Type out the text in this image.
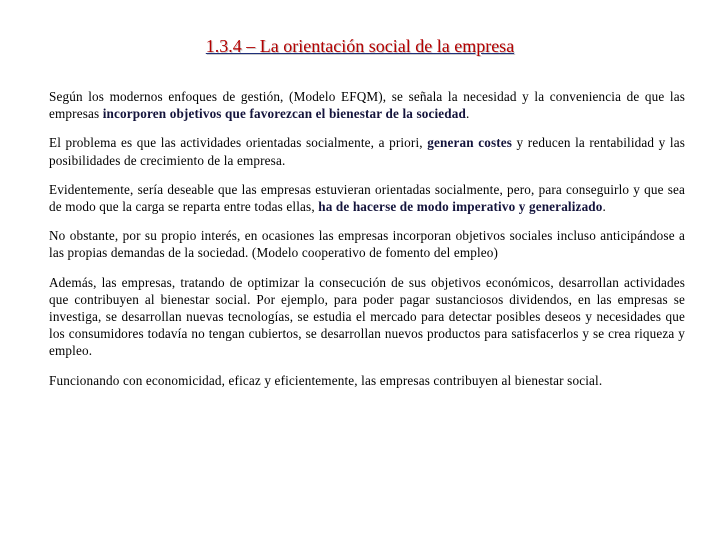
1.3.4 – La orientación social de la empresa

Según los modernos enfoques de gestión, (Modelo EFQM), se señala la necesidad y la conveniencia de que las empresas incorporen objetivos que favorezcan el bienestar de la sociedad.

El problema es que las actividades orientadas socialmente, a priori, generan costes y reducen la rentabilidad y las posibilidades de crecimiento de la empresa.

Evidentemente, sería deseable que las empresas estuvieran orientadas socialmente, pero, para conseguirlo y que sea de modo que la carga se reparta entre todas ellas, ha de hacerse de modo imperativo y generalizado.

No obstante, por su propio interés, en ocasiones las empresas incorporan objetivos sociales incluso anticipándose a las propias demandas de la sociedad. (Modelo cooperativo de fomento del empleo)

Además, las empresas, tratando de optimizar la consecución de sus objetivos económicos, desarrollan actividades que contribuyen al bienestar social. Por ejemplo, para poder pagar sustanciosos dividendos, en las empresas se investiga, se desarrollan nuevas tecnologías, se estudia el mercado para detectar posibles deseos y necesidades que los consumidores todavía no tengan cubiertos, se desarrollan nuevos productos para satisfacerlos y se crea riqueza y empleo.

Funcionando con economicidad, eficaz y eficientemente, las empresas contribuyen al bienestar social.
